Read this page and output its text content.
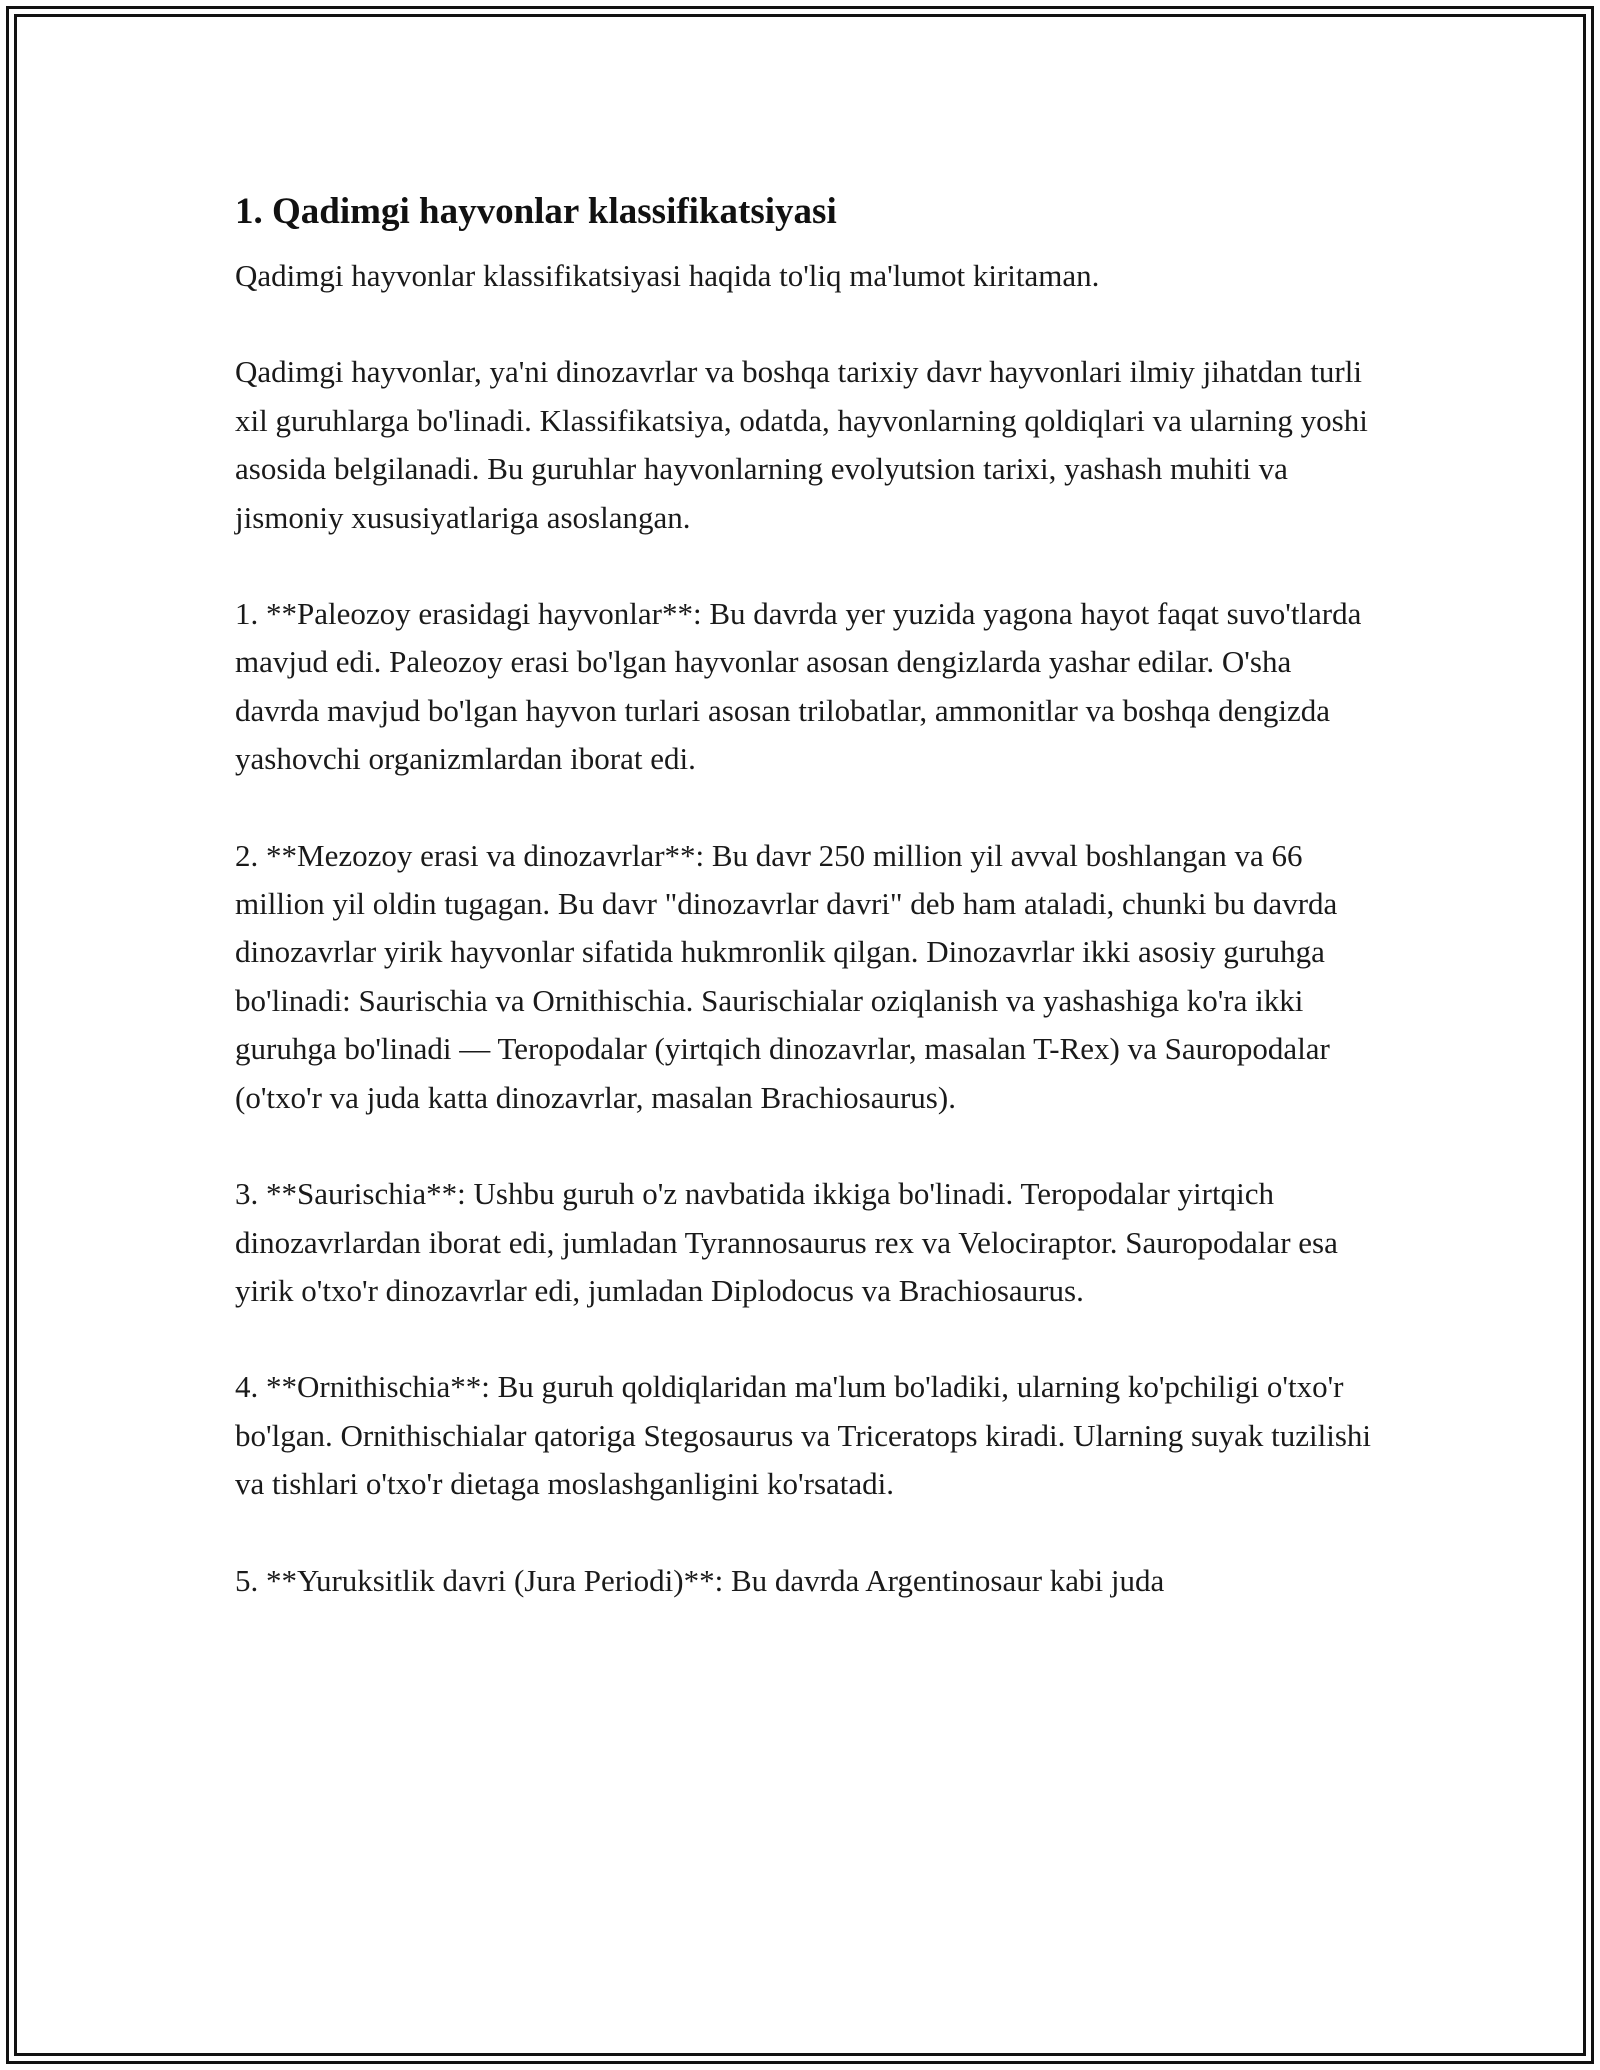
1. Qadimgi hayvonlar klassifikatsiyasi
Qadimgi hayvonlar klassifikatsiyasi haqida to'liq ma'lumot kiritaman.
Qadimgi hayvonlar, ya'ni dinozavrlar va boshqa tarixiy davr hayvonlari ilmiy jihatdan turli xil guruhlarga bo'linadi. Klassifikatsiya, odatda, hayvonlarning qoldiqlari va ularning yoshi asosida belgilanadi. Bu guruhlar hayvonlarning evolyutsion tarixi, yashash muhiti va jismoniy xususiyatlariga asoslangan.
1. **Paleozoy erasidagi hayvonlar**: Bu davrda yer yuzida yagona hayot faqat suvo'tlarda mavjud edi. Paleozoy erasi bo'lgan hayvonlar asosan dengizlarda yashar edilar. O'sha davrda mavjud bo'lgan hayvon turlari asosan trilobatlar, ammonitlar va boshqa dengizda yashovchi organizmlardan iborat edi.
2. **Mezozoy erasi va dinozavrlar**: Bu davr 250 million yil avval boshlangan va 66 million yil oldin tugagan. Bu davr "dinozavrlar davri" deb ham ataladi, chunki bu davrda dinozavrlar yirik hayvonlar sifatida hukmronlik qilgan. Dinozavrlar ikki asosiy guruhga bo'linadi: Saurischia va Ornithischia. Saurischialar oziqlanish va yashashiga ko'ra ikki guruhga bo'linadi — Teropodalar (yirtqich dinozavrlar, masalan T-Rex) va Sauropodalar (o'txo'r va juda katta dinozavrlar, masalan Brachiosaurus).
3. **Saurischia**: Ushbu guruh o'z navbatida ikkiga bo'linadi. Teropodalar yirtqich dinozavrlardan iborat edi, jumladan Tyrannosaurus rex va Velociraptor. Sauropodalar esa yirik o'txo'r dinozavrlar edi, jumladan Diplodocus va Brachiosaurus.
4. **Ornithischia**: Bu guruh qoldiqlaridan ma'lum bo'ladiki, ularning ko'pchiligi o'txo'r bo'lgan. Ornithischialar qatoriga Stegosaurus va Triceratops kiradi. Ularning suyak tuzilishi va tishlari o'txo'r dietaga moslashganligini ko'rsatadi.
5. **Yuruksitlik davri (Jura Periodi)**: Bu davrda Argentinosaur kabi juda
